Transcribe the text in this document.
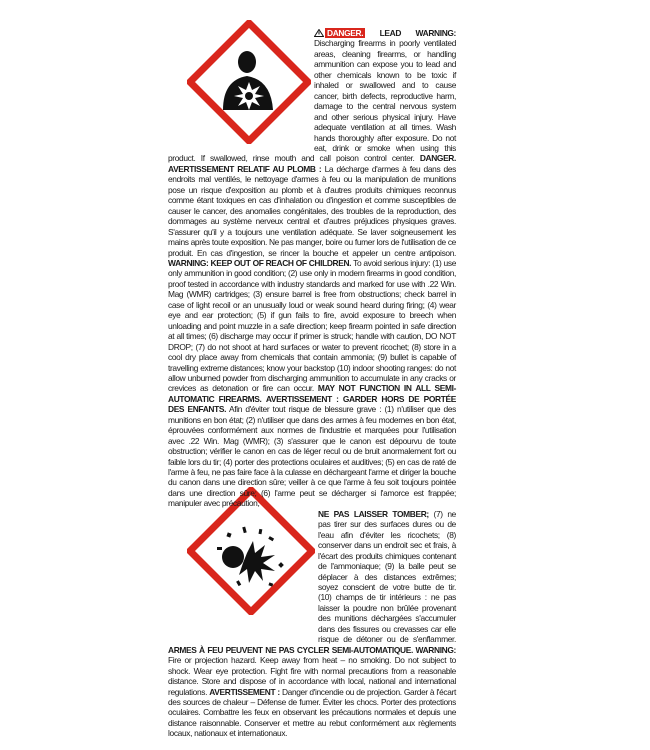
DANGER. LEAD WARNING: Discharging firearms in poorly ventilated areas, cleaning firearms, or handling ammunition can expose you to lead and other chemicals known to be toxic if inhaled or swallowed and to cause cancer, birth defects, reproductive harm, damage to the central nervous system and other serious physical injury. Have adequate ventilation at all times. Wash hands thoroughly after exposure. Do not eat, drink or smoke when using this product. If swallowed, rinse mouth and call poison control center. DANGER. AVERTISSEMENT RELATIF AU PLOMB : La décharge d'armes à feu dans des endroits mal ventilés, le nettoyage d'armes à feu ou la manipulation de munitions pose un risque d'exposition au plomb et à d'autres produits chimiques reconnus comme étant toxiques en cas d'inhalation ou d'ingestion et comme susceptibles de causer le cancer, des anomalies congénitales, des troubles de la reproduction, des dommages au système nerveux central et d'autres préjudices physiques graves. S'assurer qu'il y a toujours une ventilation adéquate. Se laver soigneusement les mains après toute exposition. Ne pas manger, boire ou fumer lors de l'utilisation de ce produit. En cas d'ingestion, se rincer la bouche et appeler un centre antipoison. WARNING: KEEP OUT OF REACH OF CHILDREN. To avoid serious injury: (1) use only ammunition in good condition; (2) use only in modern firearms in good condition, proof tested in accordance with industry standards and marked for use with .22 Win. Mag (WMR) cartridges; (3) ensure barrel is free from obstructions; check barrel in case of light recoil or an unusually loud or weak sound heard during firing; (4) wear eye and ear protection; (5) if gun fails to fire, avoid exposure to breech when unloading and point muzzle in a safe direction; keep firearm pointed in safe direction at all times; (6) discharge may occur if primer is struck; handle with caution, DO NOT DROP; (7) do not shoot at hard surfaces or water to prevent ricochet; (8) store in a cool dry place away from chemicals that contain ammonia; (9) bullet is capable of travelling extreme distances; know your backstop (10) indoor shooting ranges: do not allow unburned powder from discharging ammunition to accumulate in any cracks or crevices as detonation or fire can occur. MAY NOT FUNCTION IN ALL SEMI-AUTOMATIC FIREARMS. AVERTISSEMENT : GARDER HORS DE PORTÉE DES ENFANTS. Afin d'éviter tout risque de blessure grave : (1) n'utiliser que des munitions en bon état; (2) n'utiliser que dans des armes à feu modernes en bon état, éprouvées conformément aux normes de l'industrie et marquées pour l'utilisation avec .22 Win. Mag (WMR); (3) s'assurer que le canon est dépourvu de toute obstruction; vérifier le canon en cas de léger recul ou de bruit anormalement fort ou faible lors du tir; (4) porter des protections oculaires et auditives; (5) en cas de raté de l'arme à feu, ne pas faire face à la culasse en déchargeant l'arme et diriger la bouche du canon dans une direction sûre; veiller à ce que l'arme à feu soit toujours pointée dans une direction sûre; (6) l'arme peut se décharger si l'amorce est frappée; manipuler avec précaution,

NE PAS LAISSER TOMBER; (7) ne pas tirer sur des surfaces dures ou de l'eau afin d'éviter les ricochets; (8) conserver dans un endroit sec et frais, à l'écart des produits chimiques contenant de l'ammoniaque; (9) la balle peut se déplacer à des distances extrêmes; soyez conscient de votre butte de tir. (10) champs de tir intérieurs : ne pas laisser la poudre non brûlée provenant des munitions déchargées s'accumuler dans des fissures ou crevasses car elle risque de détoner ou de s'enflammer. ARMES À FEU PEUVENT NE PAS CYCLER SEMI-AUTOMATIQUE. WARNING: Fire or projection hazard. Keep away from heat – no smoking. Do not subject to shock. Wear eye protection. Fight fire with normal precautions from a reasonable distance. Store and dispose of in accordance with local, national and international regulations. AVERTISSEMENT : Danger d'incendie ou de projection. Garder à l'écart des sources de chaleur – Défense de fumer. Éviter les chocs. Porter des protections oculaires. Combattre les feux en observant les précautions normales et depuis une distance raisonnable. Conserver et mettre au rebut conformément aux règlements locaux, nationaux et internationaux.
